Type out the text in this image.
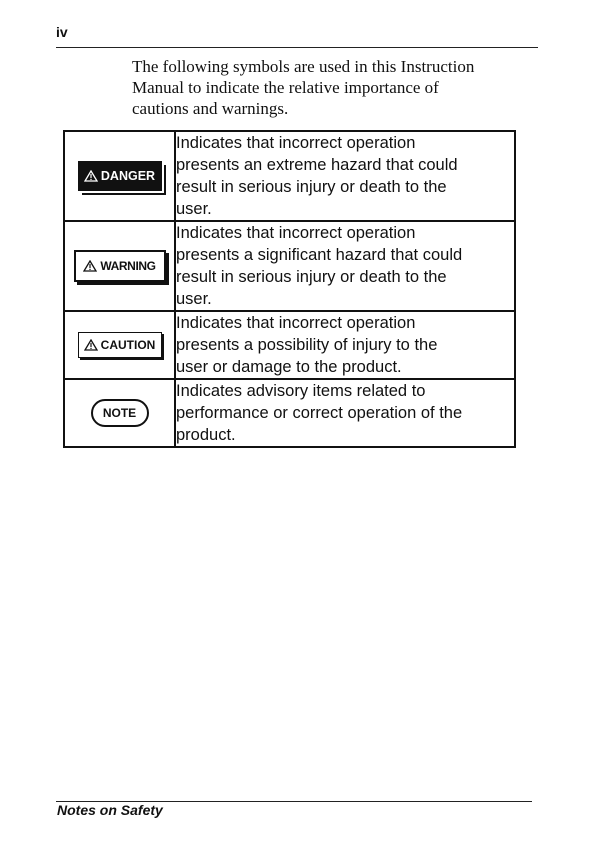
iv
The following symbols are used in this Instruction
Manual to indicate the relative importance of
cautions and warnings.
DANGER	Indicates that incorrect operation
presents an extreme hazard that could
result in serious injury or death to the
user.

WARNING	Indicates that incorrect operation
presents a significant hazard that could
result in serious injury or death to the
user.

CAUTION	Indicates that incorrect operation
presents a possibility of injury to the
user or damage to the product.

NOTE	Indicates advisory items related to
performance or correct operation of the
product.
Notes on Safety
